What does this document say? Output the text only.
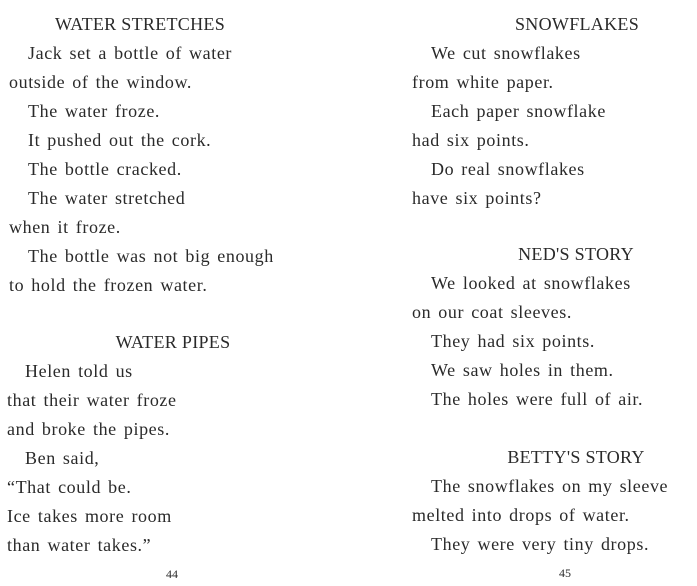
WATER STRETCHES
Jack set a bottle of water
outside of the window.
The water froze.
It pushed out the cork.
The bottle cracked.
The water stretched
when it froze.
The bottle was not big enough
to hold the frozen water.
WATER PIPES
Helen told us
that their water froze
and broke the pipes.
Ben said,
“That could be.
Ice takes more room
than water takes.”
44
SNOWFLAKES
We cut snowflakes
from white paper.
Each paper snowflake
had six points.
Do real snowflakes
have six points?
NED'S STORY
We looked at snowflakes
on our coat sleeves.
They had six points.
We saw holes in them.
The holes were full of air.
BETTY'S STORY
The snowflakes on my sleeve
melted into drops of water.
They were very tiny drops.
45
